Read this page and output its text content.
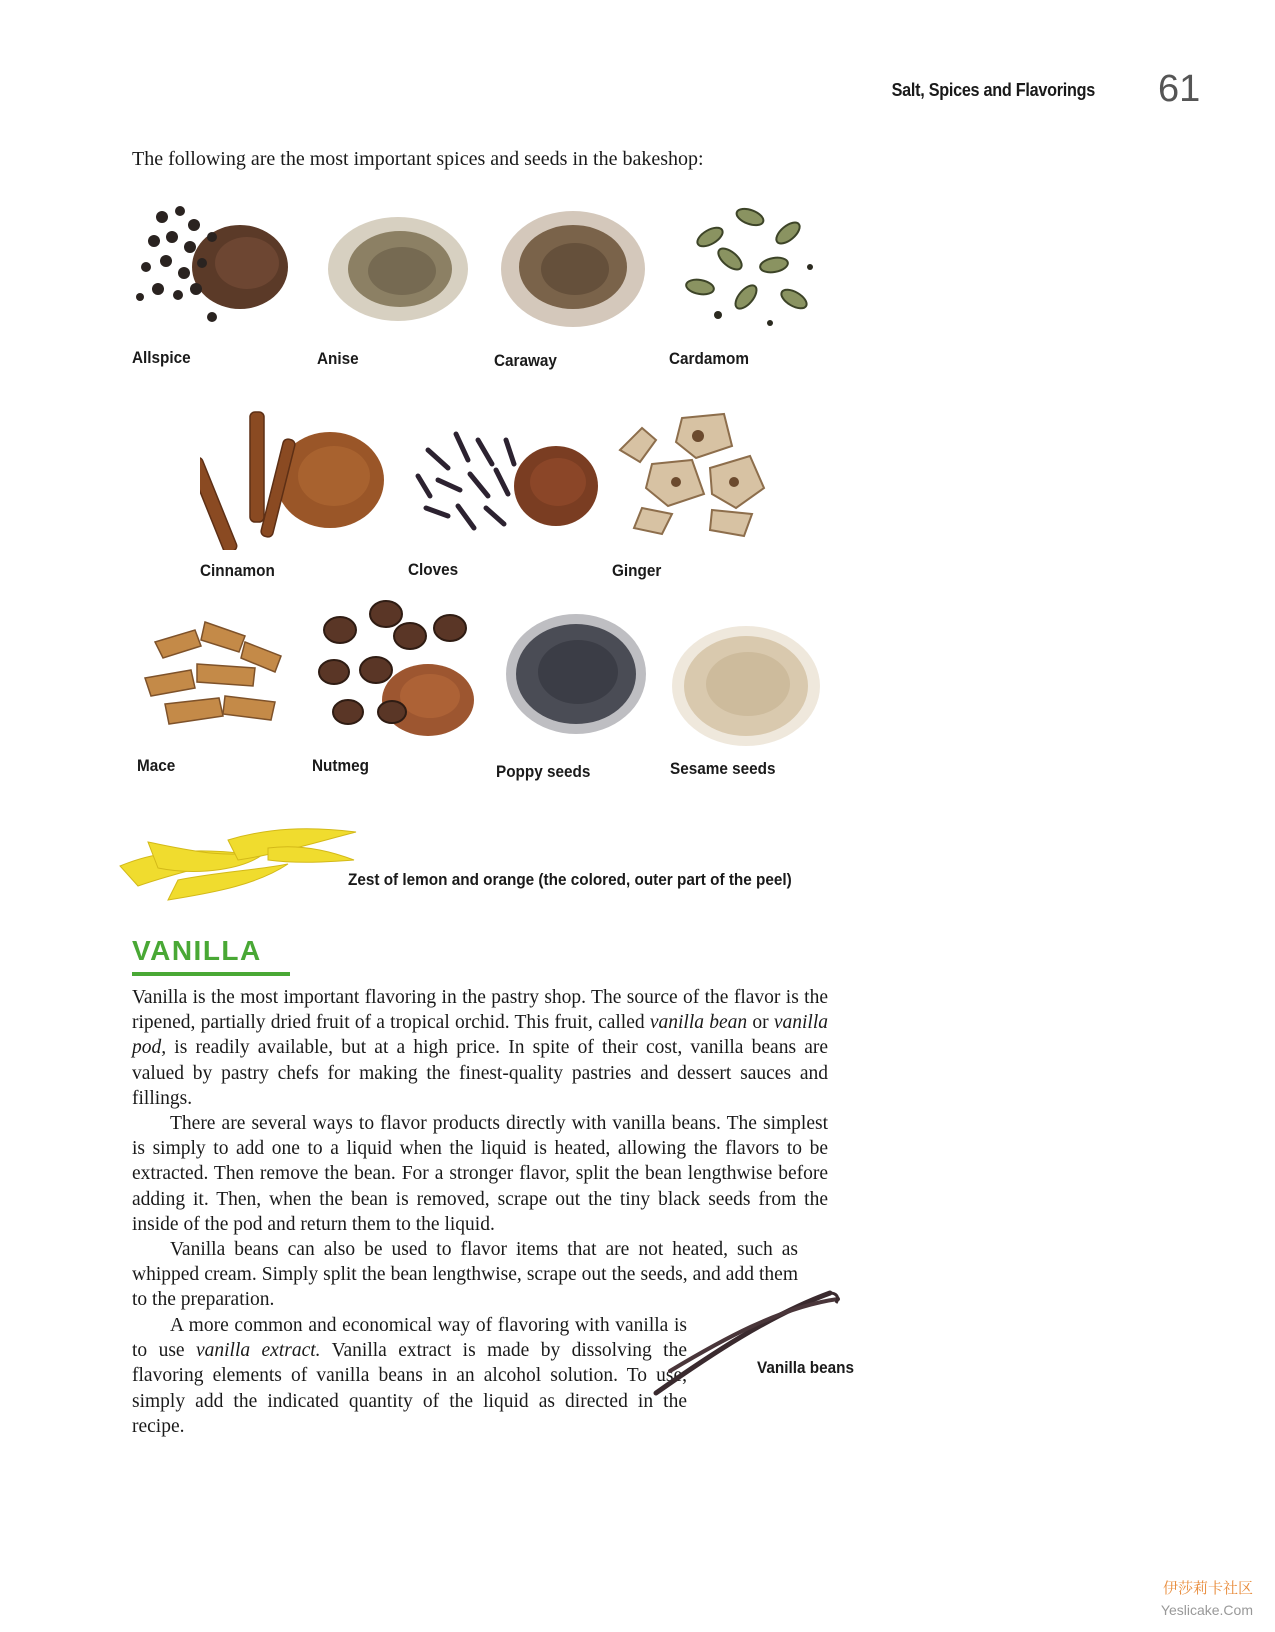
Salt, Spices and Flavorings 61
The following are the most important spices and seeds in the bakeshop:
Allspice	Anise	Caraway	Cardamom
Cinnamon	Cloves	Ginger
Mace	Nutmeg	Poppy seeds	Sesame seeds
Zest of lemon and orange (the colored, outer part of the peel)
VANILLA

Vanilla is the most important flavoring in the pastry shop. The source of the flavor is the ripened, partially dried fruit of a tropical orchid. This fruit, called vanilla bean or vanilla pod, is readily available, but at a high price. In spite of their cost, vanilla beans are valued by pastry chefs for making the finest-quality pastries and dessert sauces and fillings.

There are several ways to flavor products directly with vanilla beans. The simplest is simply to add one to a liquid when the liquid is heated, allowing the flavors to be extracted. Then remove the bean. For a stronger flavor, split the bean lengthwise before adding it. Then, when the bean is removed, scrape out the tiny black seeds from the inside of the pod and return them to the liquid.

Vanilla beans can also be used to flavor items that are not heated, such as whipped cream. Simply split the bean lengthwise, scrape out the seeds, and add them to the preparation.

A more common and economical way of flavoring with vanilla is to use vanilla extract. Vanilla extract is made by dissolving the flavoring elements of vanilla beans in an alcohol solution. To use, simply add the indicated quantity of the liquid as directed in the recipe.

Vanilla beans
伊莎莉卡社区
Yeslicake.Com
